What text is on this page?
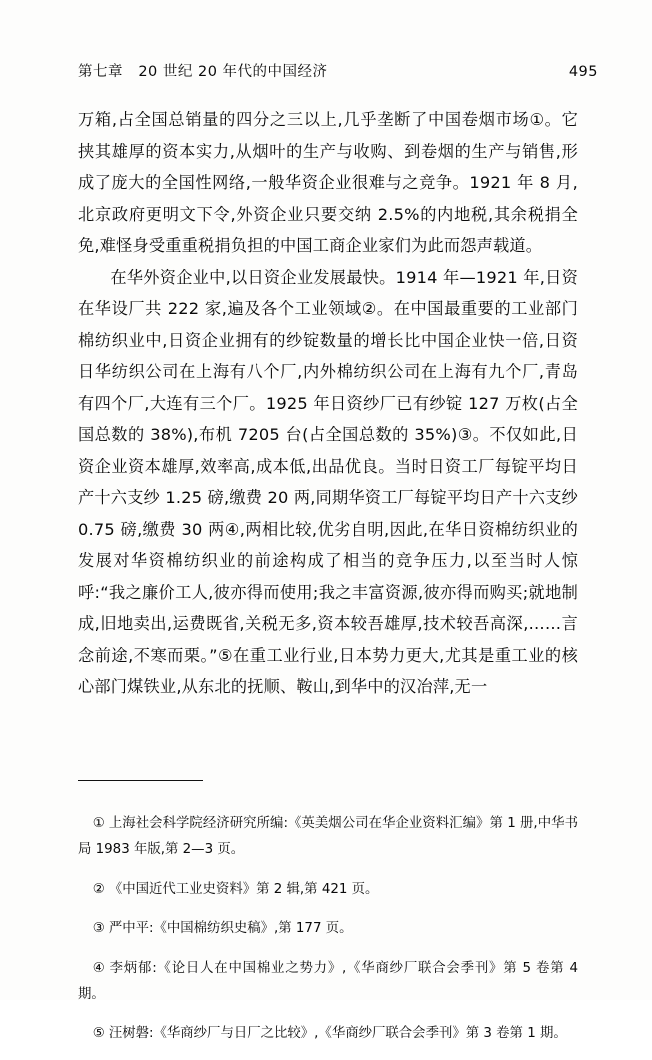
第七章   20 世纪 20 年代的中国经济	495

万箱,占全国总销量的四分之三以上,几乎垄断了中国卷烟市场①。它挟其雄厚的资本实力,从烟叶的生产与收购、到卷烟的生产与销售,形成了庞大的全国性网络,一般华资企业很难与之竞争。1921 年 8 月,北京政府更明文下令,外资企业只要交纳 2.5%的内地税,其余税捐全免,难怪身受重重税捐负担的中国工商企业家们为此而怨声载道。

在华外资企业中,以日资企业发展最快。1914 年—1921 年,日资在华设厂共 222 家,遍及各个工业领域②。在中国最重要的工业部门棉纺织业中,日资企业拥有的纱锭数量的增长比中国企业快一倍,日资日华纺织公司在上海有八个厂,内外棉纺织公司在上海有九个厂,青岛有四个厂,大连有三个厂。1925 年日资纱厂已有纱锭 127 万枚(占全国总数的 38%),布机 7205 台(占全国总数的 35%)③。不仅如此,日资企业资本雄厚,效率高,成本低,出品优良。当时日资工厂每锭平均日产十六支纱 1.25 磅,缴费 20 两,同期华资工厂每锭平均日产十六支纱 0.75 磅,缴费 30 两④,两相比较,优劣自明,因此,在华日资棉纺织业的发展对华资棉纺织业的前途构成了相当的竞争压力,以至当时人惊呼:“我之廉价工人,彼亦得而使用;我之丰富资源,彼亦得而购买;就地制成,旧地卖出,运费既省,关税无多,资本较吾雄厚,技术较吾高深,……言念前途,不寒而栗。”⑤在重工业行业,日本势力更大,尤其是重工业的核心部门煤铁业,从东北的抚顺、鞍山,到华中的汉冶萍,无一

① 上海社会科学院经济研究所编:《英美烟公司在华企业资料汇编》第 1 册,中华书局 1983 年版,第 2—3 页。

② 《中国近代工业史资料》第 2 辑,第 421 页。

③ 严中平:《中国棉纺织史稿》,第 177 页。

④ 李炳郁:《论日人在中国棉业之势力》,《华商纱厂联合会季刊》第 5 卷第 4 期。

⑤ 汪树磐:《华商纱厂与日厂之比较》,《华商纱厂联合会季刊》第 3 卷第 1 期。
